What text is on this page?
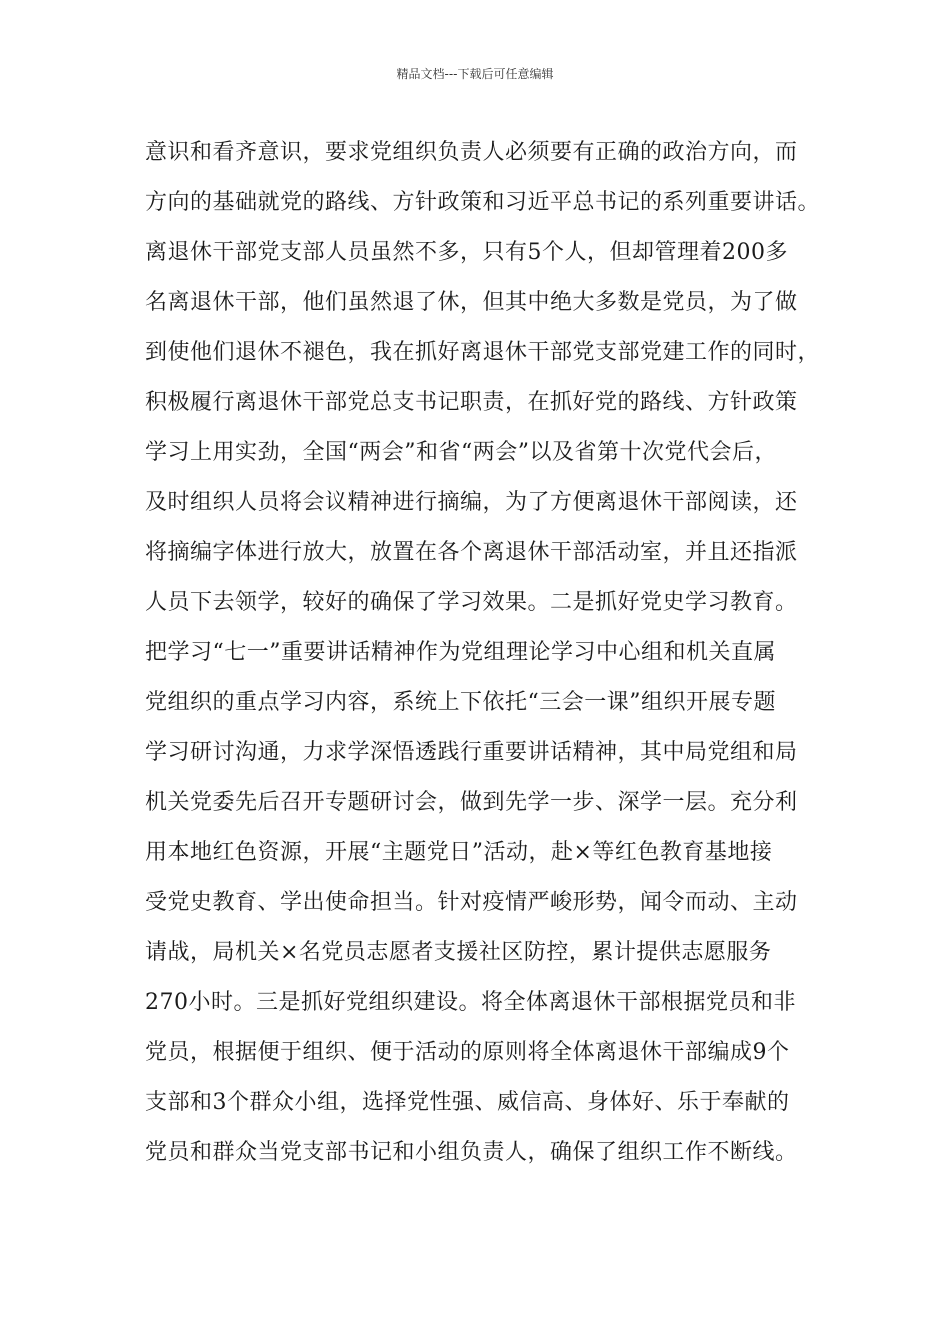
精品文档---下载后可任意编辑
意识和看齐意识，要求党组织负责人必须要有正确的政治方向，而
方向的基础就党的路线、方针政策和习近平总书记的系列重要讲话。
离退休干部党支部人员虽然不多，只有5个人，但却管理着200多
名离退休干部，他们虽然退了休，但其中绝大多数是党员，为了做
到使他们退休不褪色，我在抓好离退休干部党支部党建工作的同时，
积极履行离退休干部党总支书记职责，在抓好党的路线、方针政策
学习上用实劲，全国“两会”和省“两会”以及省第十次党代会后，
及时组织人员将会议精神进行摘编，为了方便离退休干部阅读，还
将摘编字体进行放大，放置在各个离退休干部活动室，并且还指派
人员下去领学，较好的确保了学习效果。二是抓好党史学习教育。
把学习“七一”重要讲话精神作为党组理论学习中心组和机关直属
党组织的重点学习内容，系统上下依托“三会一课”组织开展专题
学习研讨沟通，力求学深悟透践行重要讲话精神，其中局党组和局
机关党委先后召开专题研讨会，做到先学一步、深学一层。充分利
用本地红色资源，开展“主题党日”活动，赴×等红色教育基地接
受党史教育、学出使命担当。针对疫情严峻形势，闻令而动、主动
请战，局机关×名党员志愿者支援社区防控，累计提供志愿服务
270小时。三是抓好党组织建设。将全体离退休干部根据党员和非
党员，根据便于组织、便于活动的原则将全体离退休干部编成9个
支部和3个群众小组，选择党性强、威信高、身体好、乐于奉献的
党员和群众当党支部书记和小组负责人，确保了组织工作不断线。
